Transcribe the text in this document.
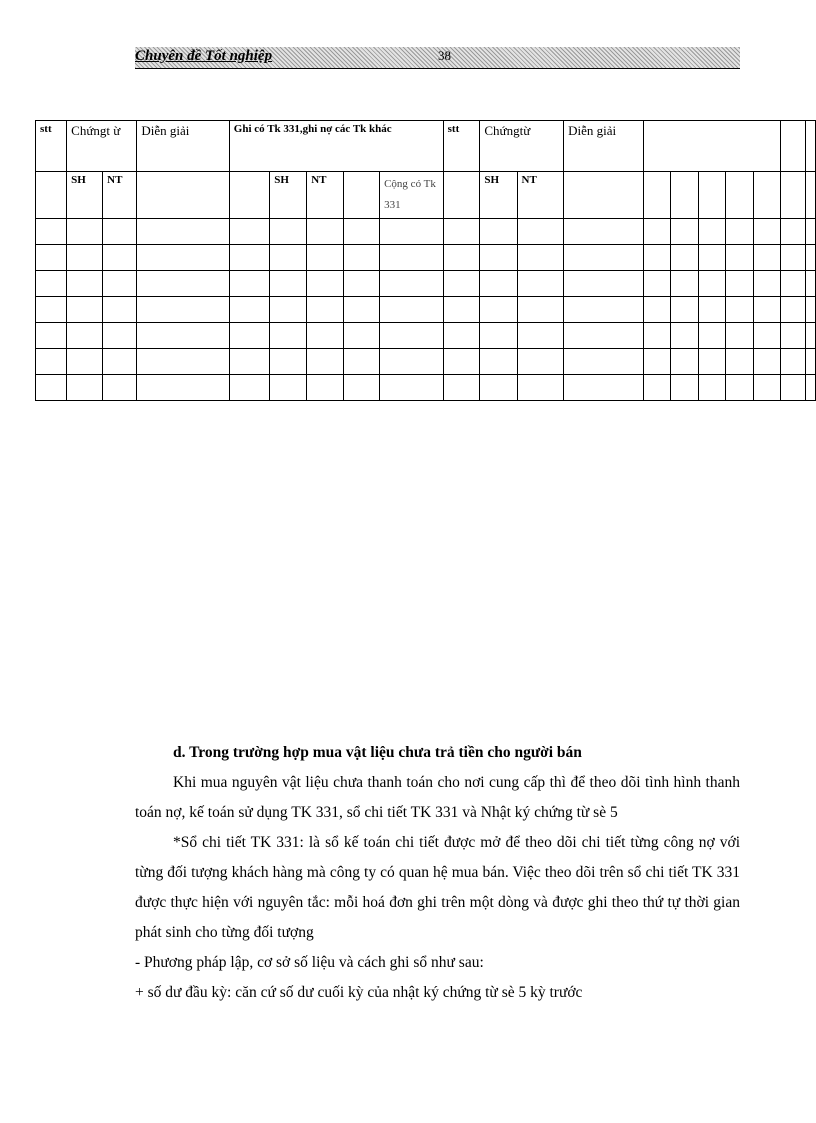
Chuyên đề Tốt nghiệp	38
stt	Chứngt ừ		Diễn giải	Ghi có Tk 331,ghi nợ các Tk khác					stt	Chứngtừ		Diễn giải							
	SH	NT			SH	NT		Cộng có Tk 331		SH	NT								

d. Trong trường hợp mua vật liệu chưa trả tiền cho người bán

Khi mua nguyên vật liệu chưa thanh toán cho nơi cung cấp thì để theo dõi tình hình thanh toán nợ, kế toán sử dụng TK 331, sổ chi tiết TK 331 và Nhật ký chứng từ sè 5

*Sổ chi tiết TK 331: là sổ kế toán chi tiết được mở để theo dõi chi tiết từng công nợ với từng đối tượng khách hàng mà công ty có quan hệ mua bán. Việc theo dõi trên sổ chi tiết TK 331 được thực hiện với nguyên tắc: mỗi hoá đơn ghi trên một dòng và được ghi theo thứ tự thời gian phát sinh cho từng đối tượng

- Phương pháp lập, cơ sở số liệu và cách ghi sổ như sau:

+ số dư đầu kỳ: căn cứ số dư cuối kỳ của nhật ký chứng từ sè 5 kỳ trước
